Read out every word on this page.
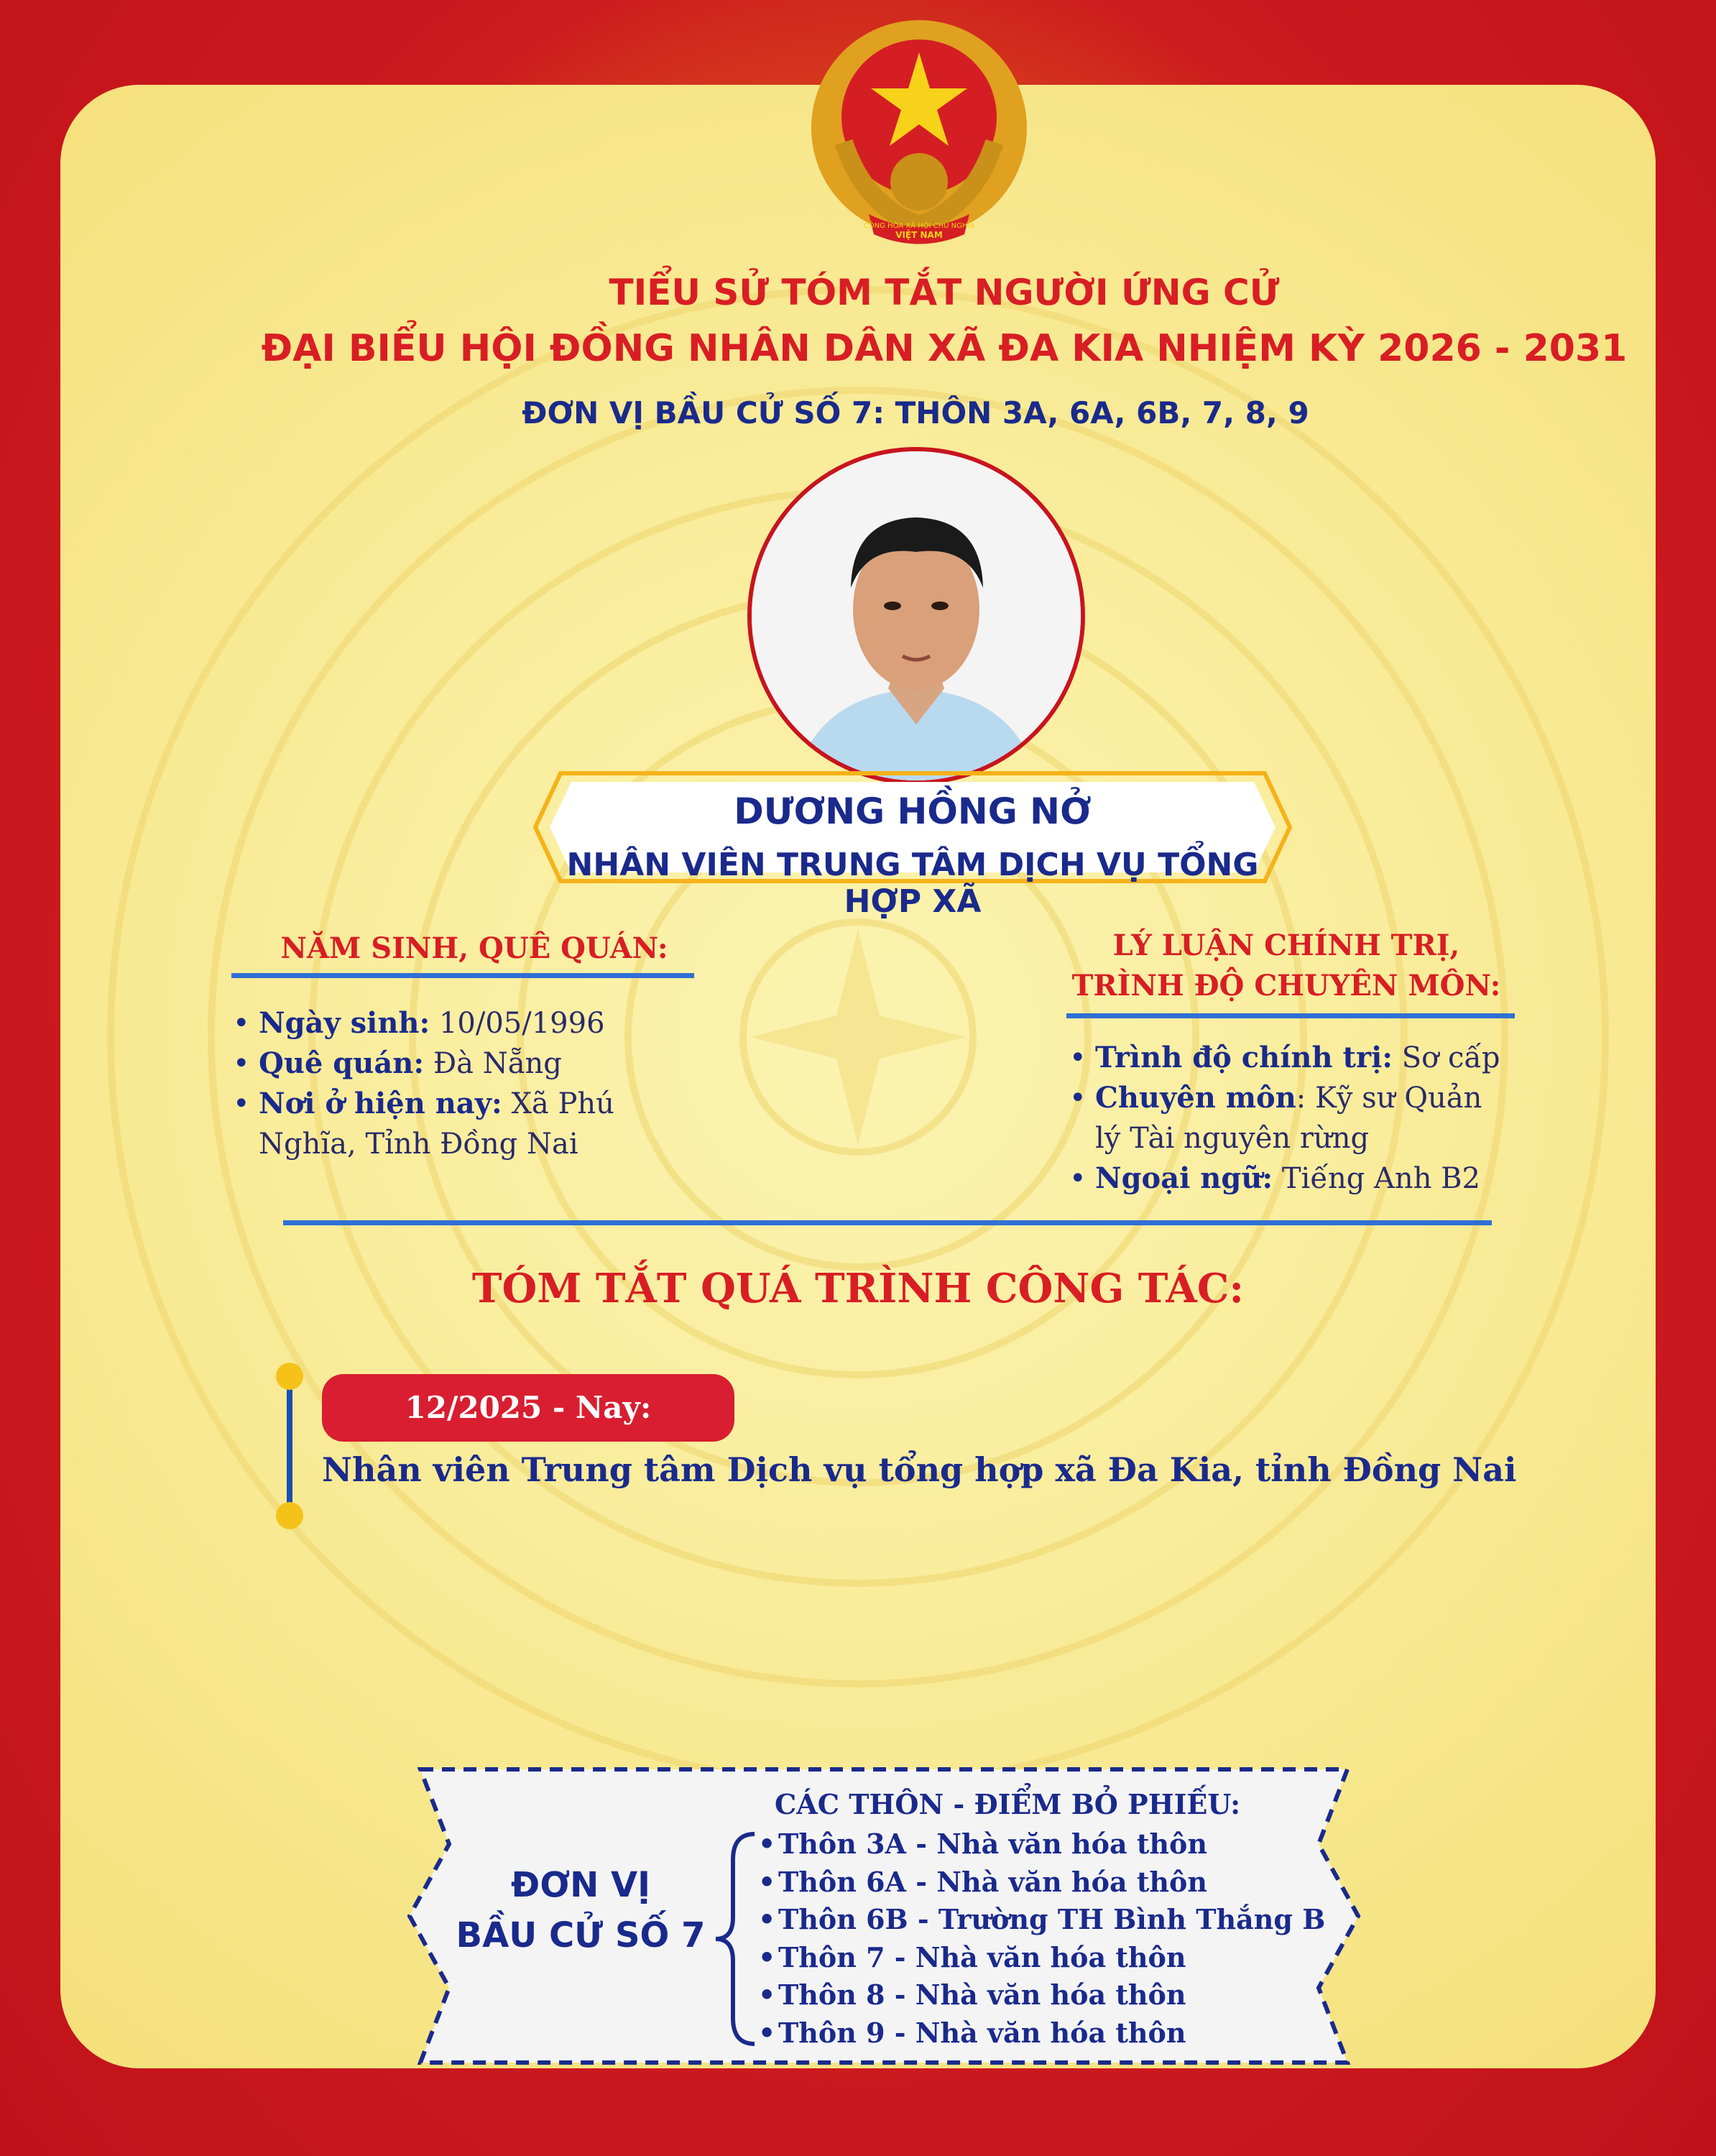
CỘNG HÒA XÃ HỘI CHỦ NGHĨA
VIỆT NAM
TIỂU SỬ TÓM TẮT NGƯỜI ỨNG CỬ
ĐẠI BIỂU HỘI ĐỒNG NHÂN DÂN XÃ ĐA KIA NHIỆM KỲ 2026 - 2031
ĐƠN VỊ BẦU CỬ SỐ 7: THÔN 3A, 6A, 6B, 7, 8, 9
DƯƠNG HỒNG NỞ
NHÂN VIÊN TRUNG TÂM DỊCH VỤ TỔNG HỢP XÃ
NĂM SINH, QUÊ QUÁN:
• Ngày sinh: 10/05/1996
• Quê quán: Đà Nẵng
• Nơi ở hiện nay: Xã Phú Nghĩa, Tỉnh Đồng Nai
LÝ LUẬN CHÍNH TRỊ,
TRÌNH ĐỘ CHUYÊN MÔN:
• Trình độ chính trị: Sơ cấp
• Chuyên môn: Kỹ sư Quản lý Tài nguyên rừng
• Ngoại ngữ: Tiếng Anh B2
TÓM TẮT QUÁ TRÌNH CÔNG TÁC:
12/2025 - Nay:
Nhân viên Trung tâm Dịch vụ tổng hợp xã Đa Kia, tỉnh Đồng Nai
ĐƠN VỊ
BẦU CỬ SỐ 7
CÁC THÔN - ĐIỂM BỎ PHIẾU:
• Thôn 3A - Nhà văn hóa thôn
• Thôn 6A - Nhà văn hóa thôn
• Thôn 6B - Trường TH Bình Thắng B
• Thôn 7 - Nhà văn hóa thôn
• Thôn 8 - Nhà văn hóa thôn
• Thôn 9 - Nhà văn hóa thôn
